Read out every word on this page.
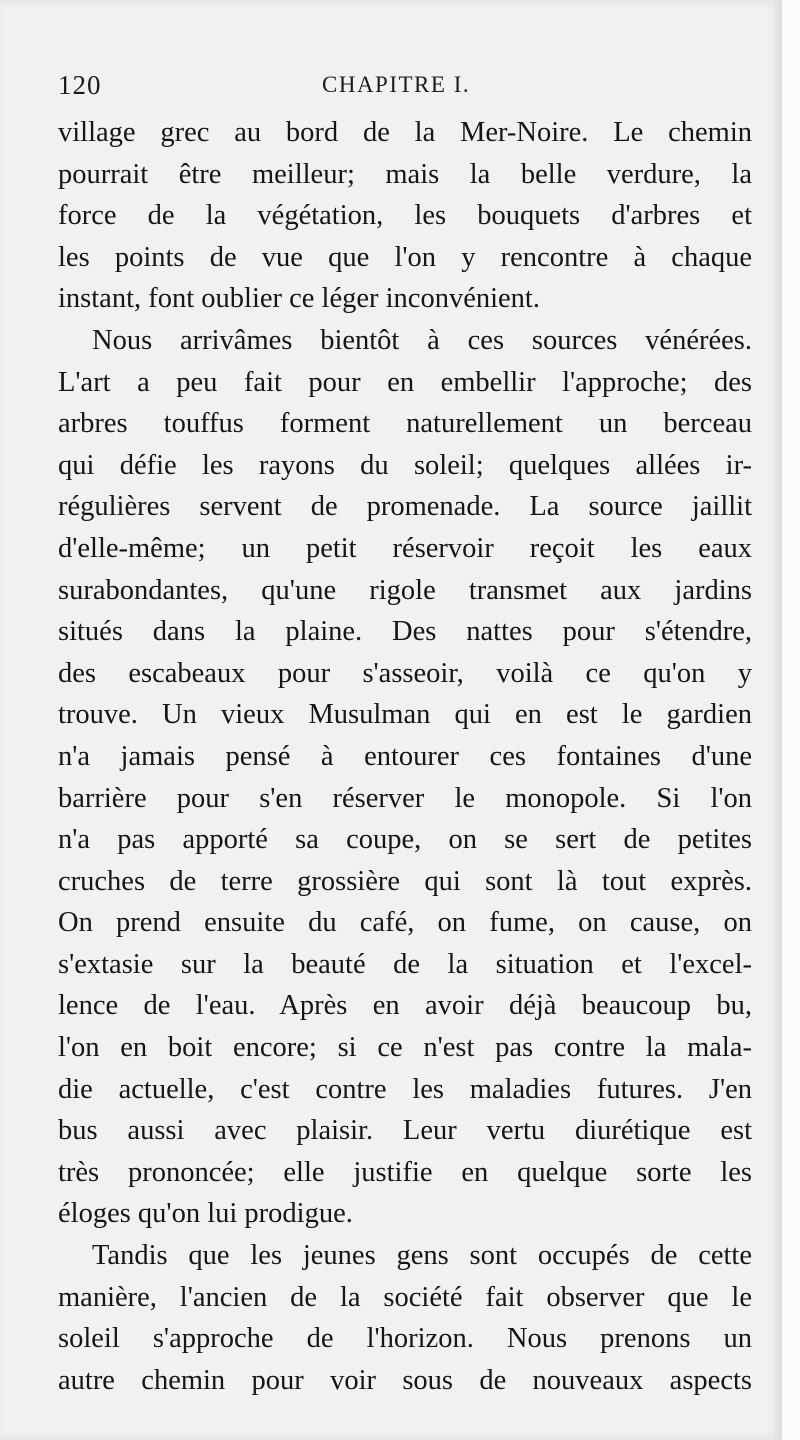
120	CHAPITRE I.
village grec au bord de la Mer-Noire. Le chemin
pourrait être meilleur; mais la belle verdure, la
force de la végétation, les bouquets d'arbres et
les points de vue que l'on y rencontre à chaque
instant, font oublier ce léger inconvénient.
Nous arrivâmes bientôt à ces sources vénérées.
L'art a peu fait pour en embellir l'approche; des
arbres touffus forment naturellement un berceau
qui défie les rayons du soleil; quelques allées ir-
régulières servent de promenade. La source jaillit
d'elle-même; un petit réservoir reçoit les eaux
surabondantes, qu'une rigole transmet aux jardins
situés dans la plaine. Des nattes pour s'étendre,
des escabeaux pour s'asseoir, voilà ce qu'on y
trouve. Un vieux Musulman qui en est le gardien
n'a jamais pensé à entourer ces fontaines d'une
barrière pour s'en réserver le monopole. Si l'on
n'a pas apporté sa coupe, on se sert de petites
cruches de terre grossière qui sont là tout exprès.
On prend ensuite du café, on fume, on cause, on
s'extasie sur la beauté de la situation et l'excel-
lence de l'eau. Après en avoir déjà beaucoup bu,
l'on en boit encore; si ce n'est pas contre la mala-
die actuelle, c'est contre les maladies futures. J'en
bus aussi avec plaisir. Leur vertu diurétique est
très prononcée; elle justifie en quelque sorte les
éloges qu'on lui prodigue.
Tandis que les jeunes gens sont occupés de cette
manière, l'ancien de la société fait observer que le
soleil s'approche de l'horizon. Nous prenons un
autre chemin pour voir sous de nouveaux aspects
